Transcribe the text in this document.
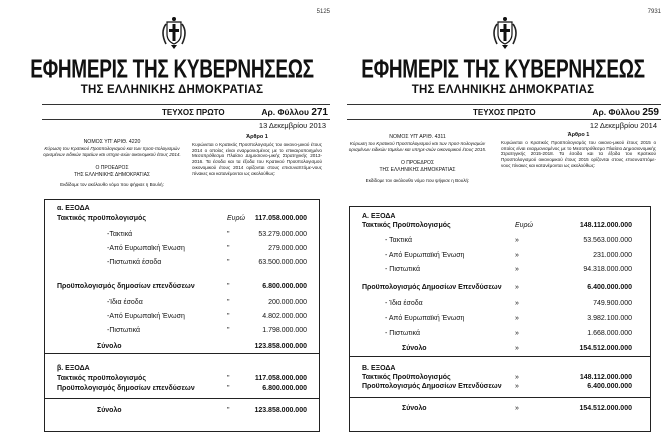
5125
ΕΦΗΜΕΡΙΣ ΤΗΣ ΚΥΒΕΡΝΗΣΕΩΣ
ΤΗΣ ΕΛΛΗΝΙΚΗΣ ΔΗΜΟΚΡΑΤΙΑΣ
ΤΕΥΧΟΣ ΠΡΩΤΟ	Αρ. Φύλλου 271
13 Δεκεμβρίου 2013
ΝΟΜΟΣ ΥΠ' ΑΡΙΘ. 4220
Κύρωση του Κρατικού Προϋπολογισμού και των προϋ-πολογισμών ορισμένων ειδικών ταμείων και υπηρε-σιών οικονομικού έτους 2014.
Ο ΠΡΟΕΔΡΟΣ
ΤΗΣ ΕΛΛΗΝΙΚΗΣ ΔΗΜΟΚΡΑΤΙΑΣ
Εκδίδομε τον ακόλουθο νόμο που ψήφισε η Βουλή:
Άρθρο 1
Κυρώνεται ο Κρατικός Προϋπολογισμός του οικονο-μικού έτους 2014 ο οποίος είναι εναρμονισμένος με το επικαιροποιημένο Μεσοπρόθεσμο Πλαίσιο Δημοσιονο-μικής Στρατηγικής 2013-2016. Τα έσοδα και τα έξοδα του Κρατικού Προϋπολογισμού οικονομικού έτους 2014 ορίζονται στους επισυναπτόμε-νους πίνακες και κατανέμονται ως ακολούθως:
α. ΕΞΟΔΑ
Τακτικός προϋπολογισμός	Ευρώ 117.058.000.000
-Τακτικά	"	53.279.000.000
-Από Ευρωπαϊκή Ένωση	"	279.000.000
-Πιστωτικά έσοδα	"	63.500.000.000
Προϋπολογισμός δημοσίων επενδύσεων	"	6.800.000.000
-Ίδια έσοδα	"	200.000.000
-Από Ευρωπαϊκή Ένωση	"	4.802.000.000
-Πιστωτικά	"	1.798.000.000
Σύνολο	123.858.000.000
β. ΕΞΟΔΑ
Τακτικός προϋπολογισμός	"	117.058.000.000
Προϋπολογισμός δημοσίων επενδύσεων	"	6.800.000.000
Σύνολο	"	123.858.000.000
7931
ΕΦΗΜΕΡΙΣ ΤΗΣ ΚΥΒΕΡΝΗΣΕΩΣ
ΤΗΣ ΕΛΛΗΝΙΚΗΣ ΔΗΜΟΚΡΑΤΙΑΣ
ΤΕΥΧΟΣ ΠΡΩΤΟ	Αρ. Φύλλου 259
12 Δεκεμβρίου 2014
ΝΟΜΟΣ ΥΠ' ΑΡΙΘ. 4311
Κύρωση του Κρατικού Προϋπολογισμού και των προϋ-πολογισμών ορισμένων ειδικών ταμείων και υπηρε-σιών οικονομικού έτους 2015.
Ο ΠΡΟΕΔΡΟΣ
ΤΗΣ ΕΛΛΗΝΙΚΗΣ ΔΗΜΟΚΡΑΤΙΑΣ
Εκδίδομε τον ακόλουθο νόμο που ψήφισε η Βουλή:
Άρθρο 1
Κυρώνεται ο Κρατικός Προϋπολογισμός του οικονο-μικού έτους 2015 ο οποίος είναι εναρμονισμένος με το Μεσοπρόθεσμο Πλαίσιο Δημοσιονομικής Στρατηγικής 2015-2018. Τα έσοδα και τα έξοδα του Κρατικού Προϋπολογισμού οικονομικού έτους 2015 ορίζονται στους επισυναπτόμε-νους πίνακες και κατανέμονται ως ακολούθως:
Α. ΕΞΟΔΑ
Τακτικός Προϋπολογισμός	Ευρώ	148.112.000.000
- Τακτικά	»	53.563.000.000
- Από Ευρωπαϊκή Ένωση	»	231.000.000
- Πιστωτικά	»	94.318.000.000
Προϋπολογισμός Δημοσίων Επενδύσεων »	6.400.000.000
- Ίδια έσοδα	»	749.900.000
- Από Ευρωπαϊκή Ένωση	»	3.982.100.000
- Πιστωτικά	»	1.668.000.000
Σύνολο	»	154.512.000.000
Β. ΕΞΟΔΑ
Τακτικός Προϋπολογισμός	»	148.112.000.000
Προϋπολογισμός Δημοσίων Επενδύσεων »	6.400.000.000
Σύνολο	»	154.512.000.000
